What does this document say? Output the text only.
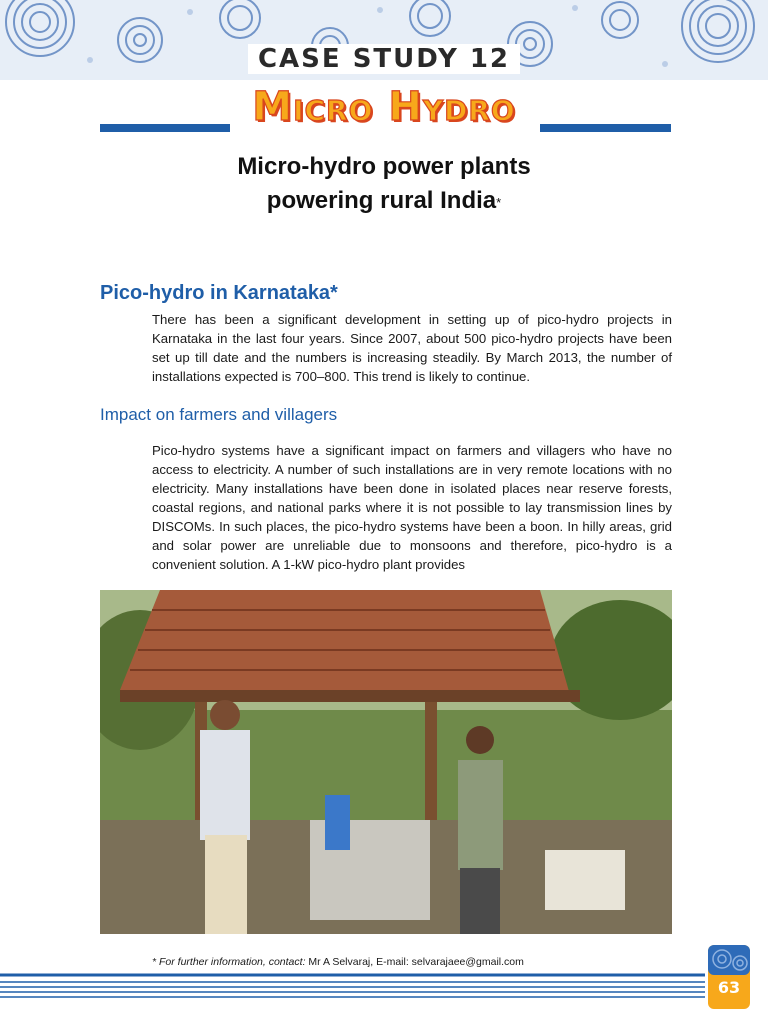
CASE STUDY 12
Micro Hydro
Micro-hydro power plants
powering rural India*
Pico-hydro in Karnataka*
There has been a significant development in setting up of pico-hydro projects in Karnataka in the last four years. Since 2007, about 500 pico-hydro projects have been set up till date and the numbers is increasing steadily. By March 2013, the number of installations expected is 700–800. This trend is likely to continue.
Impact on farmers and villagers
Pico-hydro systems have a significant impact on farmers and villagers who have no access to electricity. A number of such installations are in very remote locations with no electricity. Many installations have been done in isolated places near reserve forests, coastal regions, and national parks where it is not possible to lay transmission lines by DISCOMs. In such places, the pico-hydro systems have been a boon. In hilly areas, grid and solar power are unreliable due to monsoons and therefore, pico-hydro is a convenient solution. A 1-kW pico-hydro plant provides
* For further information, contact: Mr A Selvaraj, E-mail: selvarajaee@gmail.com
63
